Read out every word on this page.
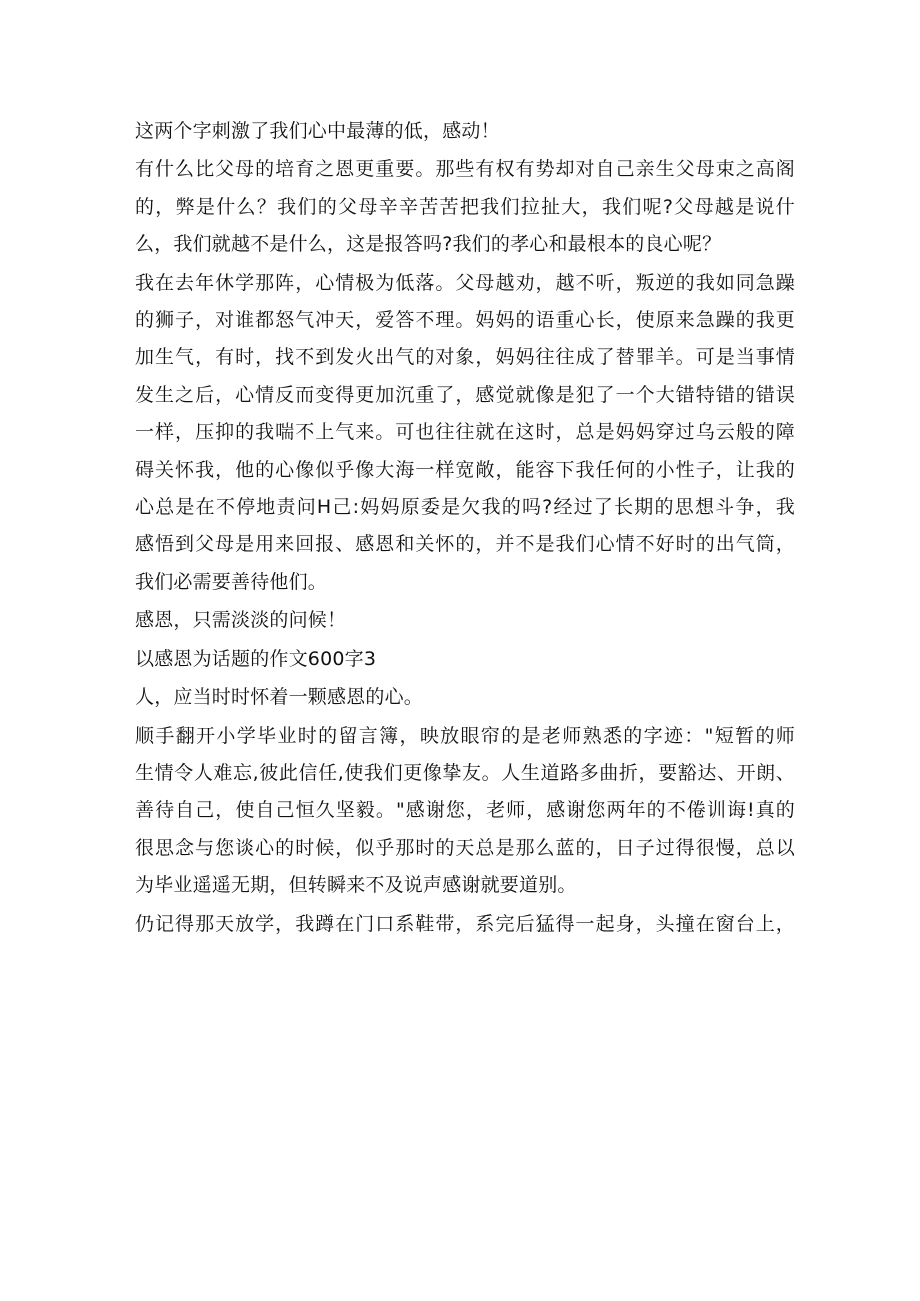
这两个字刺激了我们心中最薄的低，感动！

有什么比父母的培育之恩更重要。那些有权有势却对自己亲生父母束之高阁
的，弊是什么？我们的父母辛辛苦苦把我们拉扯大，我们呢?父母越是说什
么，我们就越不是什么，这是报答吗?我们的孝心和最根本的良心呢？

我在去年休学那阵，心情极为低落。父母越劝，越不听，叛逆的我如同急躁
的狮子，对谁都怒气冲天，爱答不理。妈妈的语重心长，使原来急躁的我更
加生气，有时，找不到发火出气的对象，妈妈往往成了替罪羊。可是当事情
发生之后，心情反而变得更加沉重了，感觉就像是犯了一个大错特错的错误
一样，压抑的我喘不上气来。可也往往就在这时，总是妈妈穿过乌云般的障
碍关怀我，他的心像似乎像大海一样宽敞，能容下我任何的小性子，让我的
心总是在不停地责问H己:妈妈原委是欠我的吗?经过了长期的思想斗争，我
感悟到父母是用来回报、感恩和关怀的，并不是我们心情不好时的出气筒，
我们必需要善待他们。

感恩，只需淡淡的问候！

以感恩为话题的作文600字3

人，应当时时怀着一颗感恩的心。

顺手翻开小学毕业时的留言簿，映放眼帘的是老师熟悉的字迹："短暂的师
生情令人难忘,彼此信任,使我们更像挚友。人生道路多曲折，要豁达、开朗、
善待自己，使自己恒久坚毅。"感谢您，老师，感谢您两年的不倦训诲!真的
很思念与您谈心的时候，似乎那时的天总是那么蓝的，日子过得很慢，总以
为毕业遥遥无期，但转瞬来不及说声感谢就要道别。

仍记得那天放学，我蹲在门口系鞋带，系完后猛得一起身，头撞在窗台上，
